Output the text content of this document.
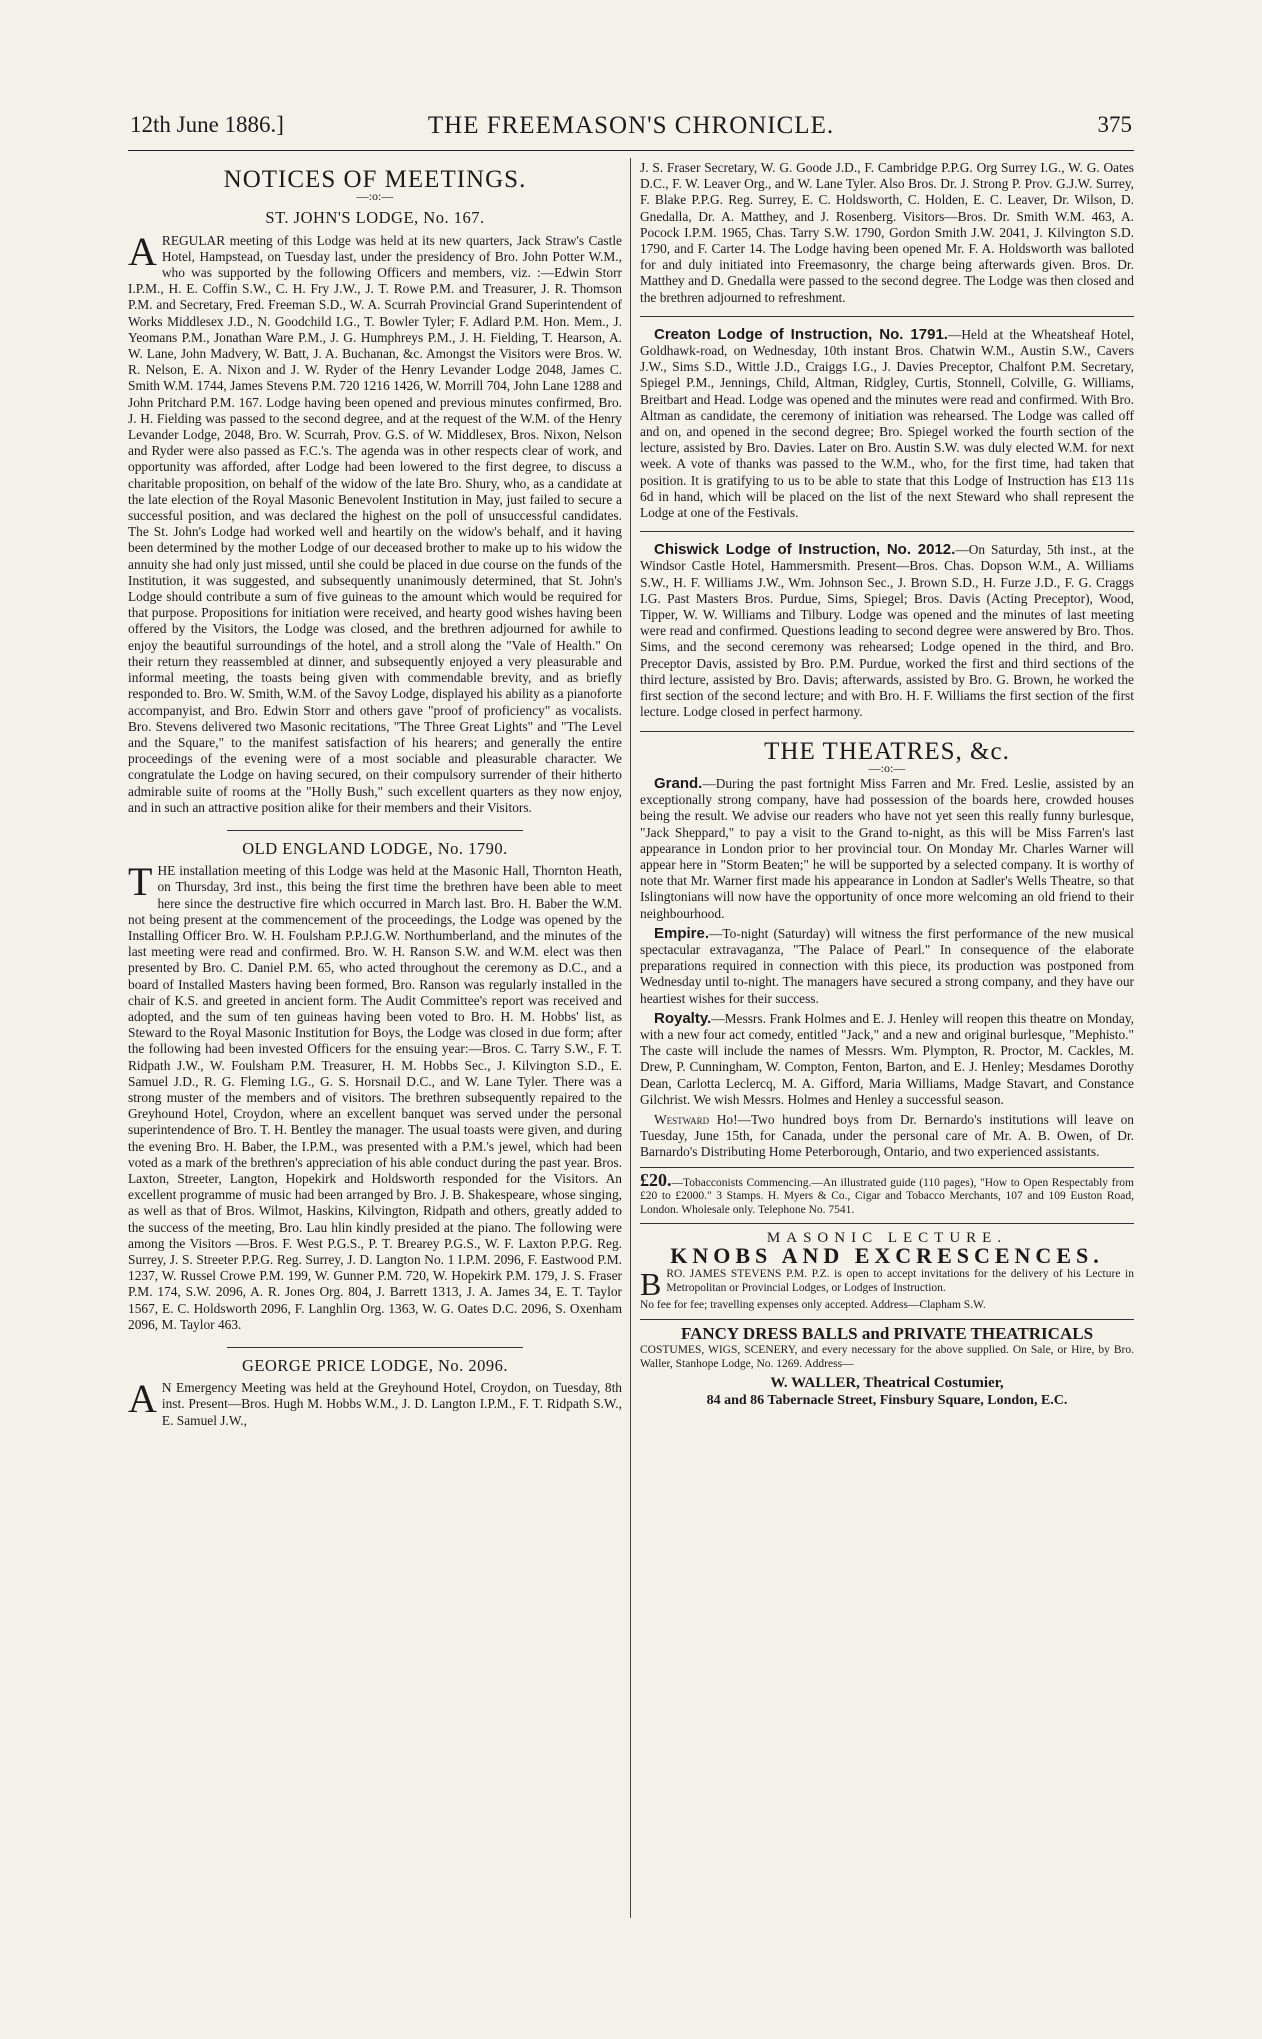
12th June 1886.]	THE FREEMASON'S CHRONICLE.	375
NOTICES OF MEETINGS.
—:o:—
ST. JOHN'S LODGE, No. 167.

AREGULAR meeting of this Lodge was held at its new quarters, Jack Straw's Castle Hotel, Hampstead, on Tuesday last, under the presidency of Bro. John Potter W.M., who was supported by the following Officers and members, viz. :—Edwin Storr I.P.M., H. E. Coffin S.W., C. H. Fry J.W., J. T. Rowe P.M. and Treasurer, J. R. Thomson P.M. and Secretary, Fred. Freeman S.D., W. A. Scurrah Provincial Grand Superintendent of Works Middlesex J.D., N. Goodchild I.G., T. Bowler Tyler; F. Adlard P.M. Hon. Mem., J. Yeomans P.M., Jonathan Ware P.M., J. G. Humphreys P.M., J. H. Fielding, T. Hearson, A. W. Lane, John Madvery, W. Batt, J. A. Buchanan, &c. Amongst the Visitors were Bros. W. R. Nelson, E. A. Nixon and J. W. Ryder of the Henry Levander Lodge 2048, James C. Smith W.M. 1744, James Stevens P.M. 720 1216 1426, W. Morrill 704, John Lane 1288 and John Pritchard P.M. 167. Lodge having been opened and previous minutes confirmed, Bro. J. H. Fielding was passed to the second degree, and at the request of the W.M. of the Henry Levander Lodge, 2048, Bro. W. Scurrah, Prov. G.S. of W. Middlesex, Bros. Nixon, Nelson and Ryder were also passed as F.C.'s. The agenda was in other respects clear of work, and opportunity was afforded, after Lodge had been lowered to the first degree, to discuss a charitable proposition, on behalf of the widow of the late Bro. Shury, who, as a candidate at the late election of the Royal Masonic Benevolent Institution in May, just failed to secure a successful position, and was declared the highest on the poll of unsuccessful candidates. The St. John's Lodge had worked well and heartily on the widow's behalf, and it having been determined by the mother Lodge of our deceased brother to make up to his widow the annuity she had only just missed, until she could be placed in due course on the funds of the Institution, it was suggested, and subsequently unanimously determined, that St. John's Lodge should contribute a sum of five guineas to the amount which would be required for that purpose. Propositions for initiation were received, and hearty good wishes having been offered by the Visitors, the Lodge was closed, and the brethren adjourned for awhile to enjoy the beautiful surroundings of the hotel, and a stroll along the "Vale of Health." On their return they reassembled at dinner, and subsequently enjoyed a very pleasurable and informal meeting, the toasts being given with commendable brevity, and as briefly responded to. Bro. W. Smith, W.M. of the Savoy Lodge, displayed his ability as a pianoforte accompanyist, and Bro. Edwin Storr and others gave "proof of proficiency" as vocalists. Bro. Stevens delivered two Masonic recitations, "The Three Great Lights" and "The Level and the Square," to the manifest satisfaction of his hearers; and generally the entire proceedings of the evening were of a most sociable and pleasurable character. We congratulate the Lodge on having secured, on their compulsory surrender of their hitherto admirable suite of rooms at the "Holly Bush," such excellent quarters as they now enjoy, and in such an attractive position alike for their members and their Visitors.

OLD ENGLAND LODGE, No. 1790.

THE installation meeting of this Lodge was held at the Masonic Hall, Thornton Heath, on Thursday, 3rd inst., this being the first time the brethren have been able to meet here since the destructive fire which occurred in March last. Bro. H. Baber the W.M. not being present at the commencement of the proceedings, the Lodge was opened by the Installing Officer Bro. W. H. Foulsham P.P.J.G.W. Northumberland, and the minutes of the last meeting were read and confirmed. Bro. W. H. Ranson S.W. and W.M. elect was then presented by Bro. C. Daniel P.M. 65, who acted throughout the ceremony as D.C., and a board of Installed Masters having been formed, Bro. Ranson was regularly installed in the chair of K.S. and greeted in ancient form. The Audit Committee's report was received and adopted, and the sum of ten guineas having been voted to Bro. H. M. Hobbs' list, as Steward to the Royal Masonic Institution for Boys, the Lodge was closed in due form; after the following had been invested Officers for the ensuing year:—Bros. C. Tarry S.W., F. T. Ridpath J.W., W. Foulsham P.M. Treasurer, H. M. Hobbs Sec., J. Kilvington S.D., E. Samuel J.D., R. G. Fleming I.G., G. S. Horsnail D.C., and W. Lane Tyler. There was a strong muster of the members and of visitors. The brethren subsequently repaired to the Greyhound Hotel, Croydon, where an excellent banquet was served under the personal superintendence of Bro. T. H. Bentley the manager. The usual toasts were given, and during the evening Bro. H. Baber, the I.P.M., was presented with a P.M.'s jewel, which had been voted as a mark of the brethren's appreciation of his able conduct during the past year. Bros. Laxton, Streeter, Langton, Hopekirk and Holdsworth responded for the Visitors. An excellent programme of music had been arranged by Bro. J. B. Shakespeare, whose singing, as well as that of Bros. Wilmot, Haskins, Kilvington, Ridpath and others, greatly added to the success of the meeting, Bro. Lau hlin kindly presided at the piano. The following were among the Visitors —Bros. F. West P.G.S., P. T. Brearey P.G.S., W. F. Laxton P.P.G. Reg. Surrey, J. S. Streeter P.P.G. Reg. Surrey, J. D. Langton No. 1 I.P.M. 2096, F. Eastwood P.M. 1237, W. Russel Crowe P.M. 199, W. Gunner P.M. 720, W. Hopekirk P.M. 179, J. S. Fraser P.M. 174, S.W. 2096, A. R. Jones Org. 804, J. Barrett 1313, J. A. James 34, E. T. Taylor 1567, E. C. Holdsworth 2096, F. Langhlin Org. 1363, W. G. Oates D.C. 2096, S. Oxenham 2096, M. Taylor 463.

GEORGE PRICE LODGE, No. 2096.

A N Emergency Meeting was held at the Greyhound Hotel, Croydon, on Tuesday, 8th inst. Present—Bros. Hugh M. Hobbs W.M., J. D. Langton I.P.M., F. T. Ridpath S.W., E. Samuel J.W.,

J. S. Fraser Secretary, W. G. Goode J.D., F. Cambridge P.P.G. Org Surrey I.G., W. G. Oates D.C., F. W. Leaver Org., and W. Lane Tyler. Also Bros. Dr. J. Strong P. Prov. G.J.W. Surrey, F. Blake P.P.G. Reg. Surrey, E. C. Holdsworth, C. Holden, E. C. Leaver, Dr. Wilson, D. Gnedalla, Dr. A. Matthey, and J. Rosenberg. Visitors—Bros. Dr. Smith W.M. 463, A. Pocock I.P.M. 1965, Chas. Tarry S.W. 1790, Gordon Smith J.W. 2041, J. Kilvington S.D. 1790, and F. Carter 14. The Lodge having been opened Mr. F. A. Holdsworth was balloted for and duly initiated into Freemasonry, the charge being afterwards given. Bros. Dr. Matthey and D. Gnedalla were passed to the second degree. The Lodge was then closed and the brethren adjourned to refreshment.

Creaton Lodge of Instruction, No. 1791.—Held at the Wheatsheaf Hotel, Goldhawk-road, on Wednesday, 10th instant Bros. Chatwin W.M., Austin S.W., Cavers J.W., Sims S.D., Wittle J.D., Craiggs I.G., J. Davies Preceptor, Chalfont P.M. Secretary, Spiegel P.M., Jennings, Child, Altman, Ridgley, Curtis, Stonnell, Colville, G. Williams, Breitbart and Head. Lodge was opened and the minutes were read and confirmed. With Bro. Altman as candidate, the ceremony of initiation was rehearsed. The Lodge was called off and on, and opened in the second degree; Bro. Spiegel worked the fourth section of the lecture, assisted by Bro. Davies. Later on Bro. Austin S.W. was duly elected W.M. for next week. A vote of thanks was passed to the W.M., who, for the first time, had taken that position. It is gratifying to us to be able to state that this Lodge of Instruction has £13 11s 6d in hand, which will be placed on the list of the next Steward who shall represent the Lodge at one of the Festivals.

Chiswick Lodge of Instruction, No. 2012.—On Saturday, 5th inst., at the Windsor Castle Hotel, Hammersmith. Present—Bros. Chas. Dopson W.M., A. Williams S.W., H. F. Williams J.W., Wm. Johnson Sec., J. Brown S.D., H. Furze J.D., F. G. Craggs I.G. Past Masters Bros. Purdue, Sims, Spiegel; Bros. Davis (Acting Preceptor), Wood, Tipper, W. W. Williams and Tilbury. Lodge was opened and the minutes of last meeting were read and confirmed. Questions leading to second degree were answered by Bro. Thos. Sims, and the second ceremony was rehearsed; Lodge opened in the third, and Bro. Preceptor Davis, assisted by Bro. P.M. Purdue, worked the first and third sections of the third lecture, assisted by Bro. Davis; afterwards, assisted by Bro. G. Brown, he worked the first section of the second lecture; and with Bro. H. F. Williams the first section of the first lecture. Lodge closed in perfect harmony.

THE THEATRES, &c.
—:o:—

Grand.—During the past fortnight Miss Farren and Mr. Fred. Leslie, assisted by an exceptionally strong company, have had possession of the boards here, crowded houses being the result. We advise our readers who have not yet seen this really funny burlesque, "Jack Sheppard," to pay a visit to the Grand to-night, as this will be Miss Farren's last appearance in London prior to her provincial tour. On Monday Mr. Charles Warner will appear here in "Storm Beaten;" he will be supported by a selected company. It is worthy of note that Mr. Warner first made his appearance in London at Sadler's Wells Theatre, so that Islingtonians will now have the opportunity of once more welcoming an old friend to their neighbourhood.

Empire.—To-night (Saturday) will witness the first performance of the new musical spectacular extravaganza, "The Palace of Pearl." In consequence of the elaborate preparations required in connection with this piece, its production was postponed from Wednesday until to-night. The managers have secured a strong company, and they have our heartiest wishes for their success.

Royalty.—Messrs. Frank Holmes and E. J. Henley will reopen this theatre on Monday, with a new four act comedy, entitled "Jack," and a new and original burlesque, "Mephisto." The caste will include the names of Messrs. Wm. Plympton, R. Proctor, M. Cackles, M. Drew, P. Cunningham, W. Compton, Fenton, Barton, and E. J. Henley; Mesdames Dorothy Dean, Carlotta Leclercq, M. A. Gifford, Maria Williams, Madge Stavart, and Constance Gilchrist. We wish Messrs. Holmes and Henley a successful season.

Westward Ho!—Two hundred boys from Dr. Bernardo's institutions will leave on Tuesday, June 15th, for Canada, under the personal care of Mr. A. B. Owen, of Dr. Barnardo's Distributing Home Peterborough, Ontario, and two experienced assistants.

£20.—Tobacconists Commencing.—An illustrated guide (110 pages), "How to Open Respectably from £20 to £2000." 3 Stamps. H. Myers & Co., Cigar and Tobacco Merchants, 107 and 109 Euston Road, London. Wholesale only. Telephone No. 7541.

MASONIC LECTURE.
KNOBS AND EXCRESCENCES.

BRO. JAMES STEVENS P.M. P.Z. is open to accept invitations for the delivery of his Lecture in Metropolitan or Provincial Lodges, or Lodges of Instruction.

No fee for fee; travelling expenses only accepted. Address—Clapham S.W.

FANCY DRESS BALLS and PRIVATE THEATRICALS

COSTUMES, WIGS, SCENERY, and every necessary for the above supplied. On Sale, or Hire, by Bro. Waller, Stanhope Lodge, No. 1269. Address—

W. WALLER, Theatrical Costumier,
84 and 86 Tabernacle Street, Finsbury Square, London, E.C.
